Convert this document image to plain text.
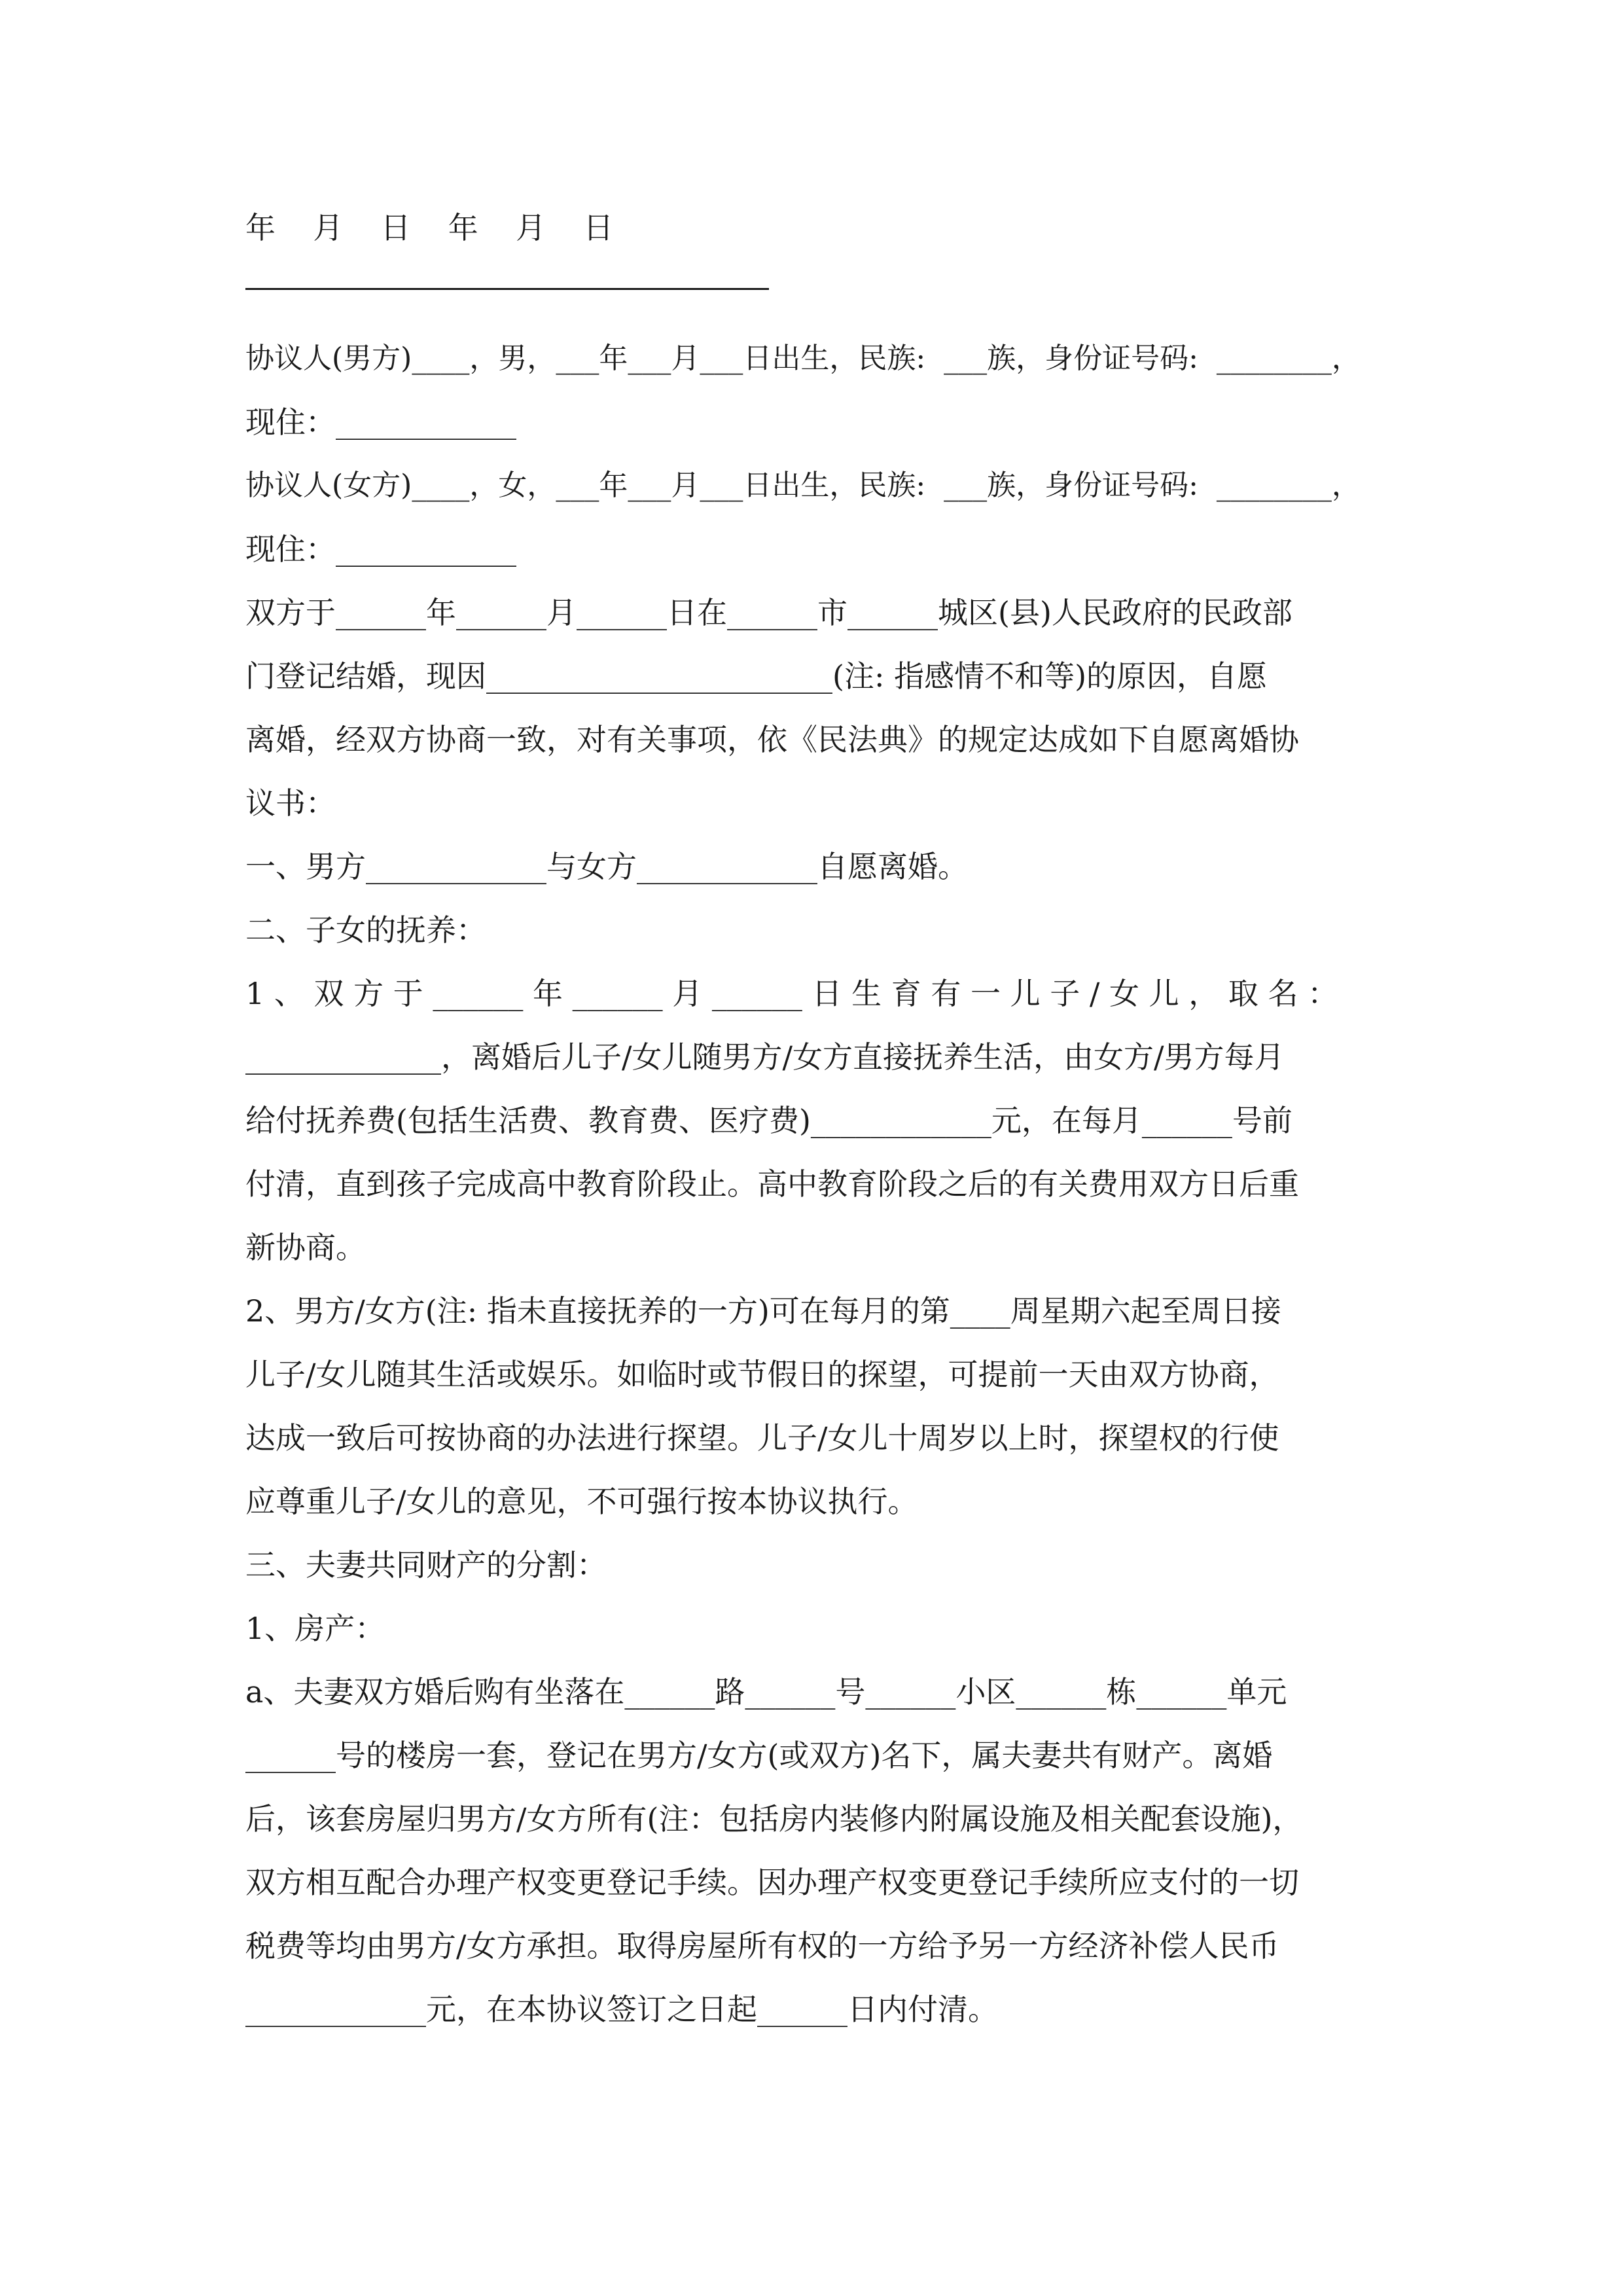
年  月  日  年  月  日
协议人(男方)____，男，___年___月___日出生，民族:  ___族，身份证号码:  ________，
现住：____________
协议人(女方)____，女，___年___月___日出生，民族:  ___族，身份证号码:  ________，
现住：____________
双方于______年______月______日在______市______城区(县)人民政府的民政部
门登记结婚，现因_______________________(注: 指感情不和等)的原因，自愿
离婚，经双方协商一致，对有关事项，依《民法典》的规定达成如下自愿离婚协
议书：
一、男方____________与女方____________自愿离婚。
二、子女的抚养：
1 、 双 方 于 ______ 年 ______ 月 ______ 日 生 育 有 一 儿 子 / 女 儿 ， 取 名 ：
_____________，离婚后儿子/女儿随男方/女方直接抚养生活，由女方/男方每月
给付抚养费(包括生活费、教育费、医疗费)____________元，在每月______号前
付清，直到孩子完成高中教育阶段止。高中教育阶段之后的有关费用双方日后重
新协商。
2、男方/女方(注: 指未直接抚养的一方)可在每月的第____周星期六起至周日接
儿子/女儿随其生活或娱乐。如临时或节假日的探望，可提前一天由双方协商，
达成一致后可按协商的办法进行探望。儿子/女儿十周岁以上时，探望权的行使
应尊重儿子/女儿的意见，不可强行按本协议执行。
三、夫妻共同财产的分割：
1、房产：
a、夫妻双方婚后购有坐落在______路______号______小区______栋______单元
______号的楼房一套，登记在男方/女方(或双方)名下，属夫妻共有财产。离婚
后，该套房屋归男方/女方所有(注：包括房内装修内附属设施及相关配套设施)，
双方相互配合办理产权变更登记手续。因办理产权变更登记手续所应支付的一切
税费等均由男方/女方承担。取得房屋所有权的一方给予另一方经济补偿人民币
____________元，在本协议签订之日起______日内付清。
